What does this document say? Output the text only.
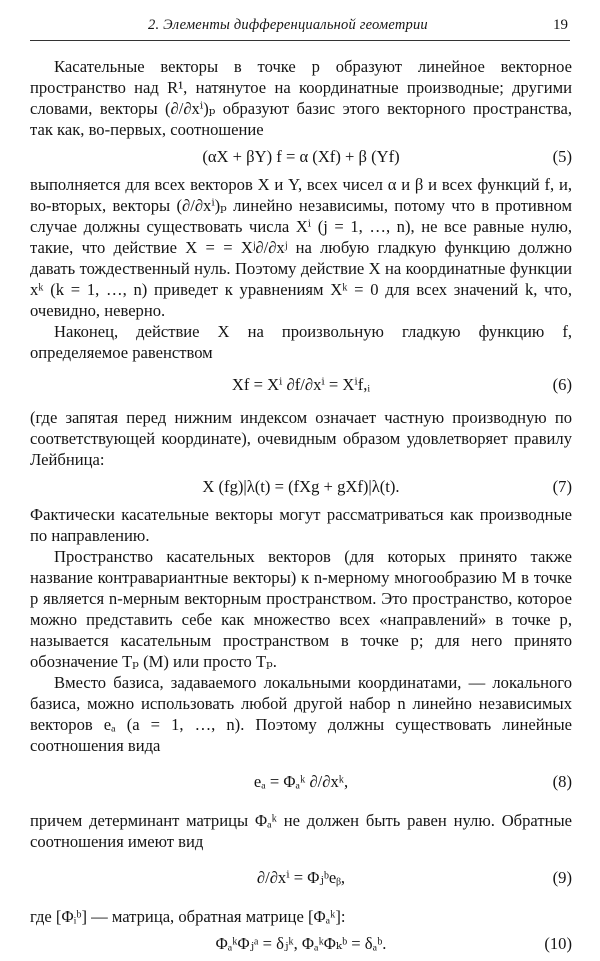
2. Элементы дифференциальной геометрии	19

Касательные векторы в точке p образуют линейное векторное пространство над R¹, натянутое на координатные производные; другими словами, векторы (∂/∂xⁱ)ₚ образуют базис этого векторного пространства, так как, во-первых, соотношение

(αX + βY) f = α (Xf) + β (Yf)	(5)

выполняется для всех векторов X и Y, всех чисел α и β и всех функций f, и, во-вторых, векторы (∂/∂xⁱ)ₚ линейно независимы, потому что в противном случае должны существовать числа Xⁱ (j = 1, …, n), не все равные нулю, такие, что действие X = = Xʲ∂/∂xʲ на любую гладкую функцию должно давать тождественный нуль. Поэтому действие X на координатные функции xᵏ (k = 1, …, n) приведет к уравнениям Xᵏ = 0 для всех значений k, что, очевидно, неверно.

Наконец, действие X на произвольную гладкую функцию f, определяемое равенством

Xf = Xⁱ ∂f/∂xⁱ = Xⁱf,ᵢ	(6)

(где запятая перед нижним индексом означает частную производную по соответствующей координате), очевидным образом удовлетворяет правилу Лейбница:

X (fg)|λ(t) = (fXg + gXf)|λ(t).	(7)

Фактически касательные векторы могут рассматриваться как производные по направлению.

Пространство касательных векторов (для которых принято также название контравариантные векторы) к n-мерному многообразию M в точке p является n-мерным векторным пространством. Это пространство, которое можно представить себе как множество всех «направлений» в точке p, называется касательным пространством в точке p; для него принято обозначение Tₚ (M) или просто Tₚ.

Вместо базиса, задаваемого локальными координатами, — локального базиса, можно использовать любой другой набор n линейно независимых векторов eₐ (a = 1, …, n). Поэтому должны существовать линейные соотношения вида

eₐ = Φₐᵏ ∂/∂xᵏ,	(8)

причем детерминант матрицы Φₐᵏ не должен быть равен нулю. Обратные соотношения имеют вид

∂/∂xⁱ = Φⱼᵇeᵦ,	(9)

где [Φᵢᵇ] — матрица, обратная матрице [Φₐᵏ]:

ΦₐᵏΦⱼᵃ = δⱼᵏ, ΦₐᵏΦₖᵇ = δₐᵇ.	(10)
